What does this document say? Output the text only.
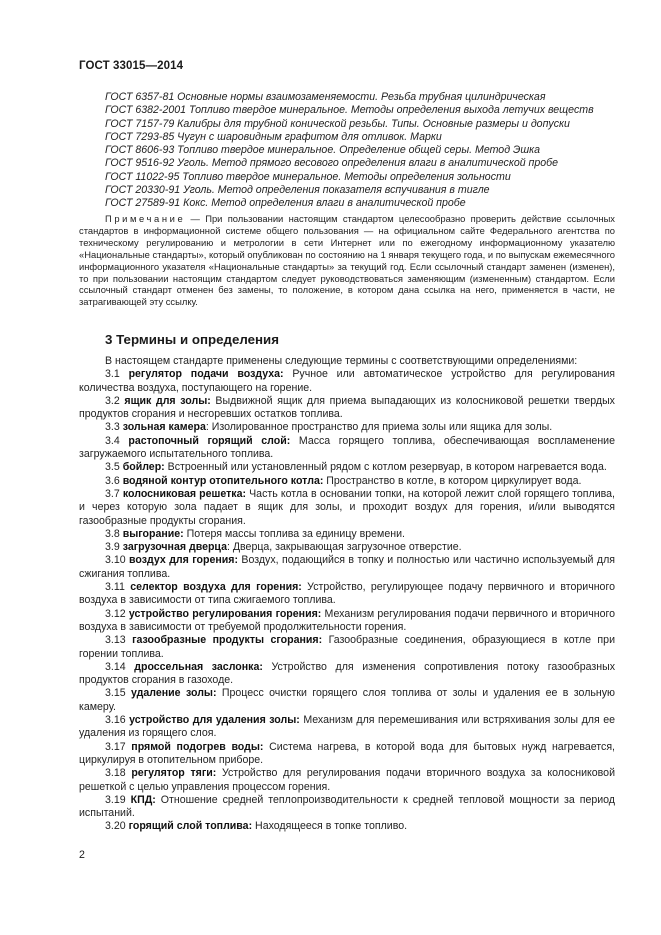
ГОСТ 33015—2014
ГОСТ 6357-81 Основные нормы взаимозаменяемости. Резьба трубная цилиндрическая
ГОСТ 6382-2001 Топливо твердое минеральное. Методы определения выхода летучих веществ
ГОСТ 7157-79 Калибры для трубной конической резьбы. Типы. Основные размеры и допуски
ГОСТ 7293-85 Чугун с шаровидным графитом для отливок. Марки
ГОСТ 8606-93 Топливо твердое минеральное. Определение общей серы. Метод Эшка
ГОСТ 9516-92 Уголь. Метод прямого весового определения влаги в аналитической пробе
ГОСТ 11022-95 Топливо твердое минеральное. Методы определения зольности
ГОСТ 20330-91 Уголь. Метод определения показателя вспучивания в тигле
ГОСТ 27589-91 Кокс. Метод определения влаги в аналитической пробе
Примечание — При пользовании настоящим стандартом целесообразно проверить действие ссылочных стандартов в информационной системе общего пользования — на официальном сайте Федерального агентства по техническому регулированию и метрологии в сети Интернет или по ежегодному информационному указателю «Национальные стандарты», который опубликован по состоянию на 1 января текущего года, и по выпускам ежемесячного информационного указателя «Национальные стандарты» за текущий год. Если ссылочный стандарт заменен (изменен), то при пользовании настоящим стандартом следует руководствоваться заменяющим (измененным) стандартом. Если ссылочный стандарт отменен без замены, то положение, в котором дана ссылка на него, применяется в части, не затрагивающей эту ссылку.
3 Термины и определения

В настоящем стандарте применены следующие термины с соответствующими определениями:

3.1 регулятор подачи воздуха: Ручное или автоматическое устройство для регулирования количества воздуха, поступающего на горение.

3.2 ящик для золы: Выдвижной ящик для приема выпадающих из колосниковой решетки твердых продуктов сгорания и несгоревших остатков топлива.

3.3 зольная камера: Изолированное пространство для приема золы или ящика для золы.

3.4 растопочный горящий слой: Масса горящего топлива, обеспечивающая воспламенение загружаемого испытательного топлива.

3.5 бойлер: Встроенный или установленный рядом с котлом резервуар, в котором нагревается вода.

3.6 водяной контур отопительного котла: Пространство в котле, в котором циркулирует вода.

3.7 колосниковая решетка: Часть котла в основании топки, на которой лежит слой горящего топлива, и через которую зола падает в ящик для золы, и проходит воздух для горения, и/или выводятся газообразные продукты сгорания.

3.8 выгорание: Потеря массы топлива за единицу времени.

3.9 загрузочная дверца: Дверца, закрывающая загрузочное отверстие.

3.10 воздух для горения: Воздух, подающийся в топку и полностью или частично используемый для сжигания топлива.

3.11 селектор воздуха для горения: Устройство, регулирующее подачу первичного и вторичного воздуха в зависимости от типа сжигаемого топлива.

3.12 устройство регулирования горения: Механизм регулирования подачи первичного и вторичного воздуха в зависимости от требуемой продолжительности горения.

3.13 газообразные продукты сгорания: Газообразные соединения, образующиеся в котле при горении топлива.

3.14 дроссельная заслонка: Устройство для изменения сопротивления потоку газообразных продуктов сгорания в газоходе.

3.15 удаление золы: Процесс очистки горящего слоя топлива от золы и удаления ее в зольную камеру.

3.16 устройство для удаления золы: Механизм для перемешивания или встряхивания золы для ее удаления из горящего слоя.

3.17 прямой подогрев воды: Система нагрева, в которой вода для бытовых нужд нагревается, циркулируя в отопительном приборе.

3.18 регулятор тяги: Устройство для регулирования подачи вторичного воздуха за колосниковой решеткой с целью управления процессом горения.

3.19 КПД: Отношение средней теплопроизводительности к средней тепловой мощности за период испытаний.

3.20 горящий слой топлива: Находящееся в топке топливо.

2
